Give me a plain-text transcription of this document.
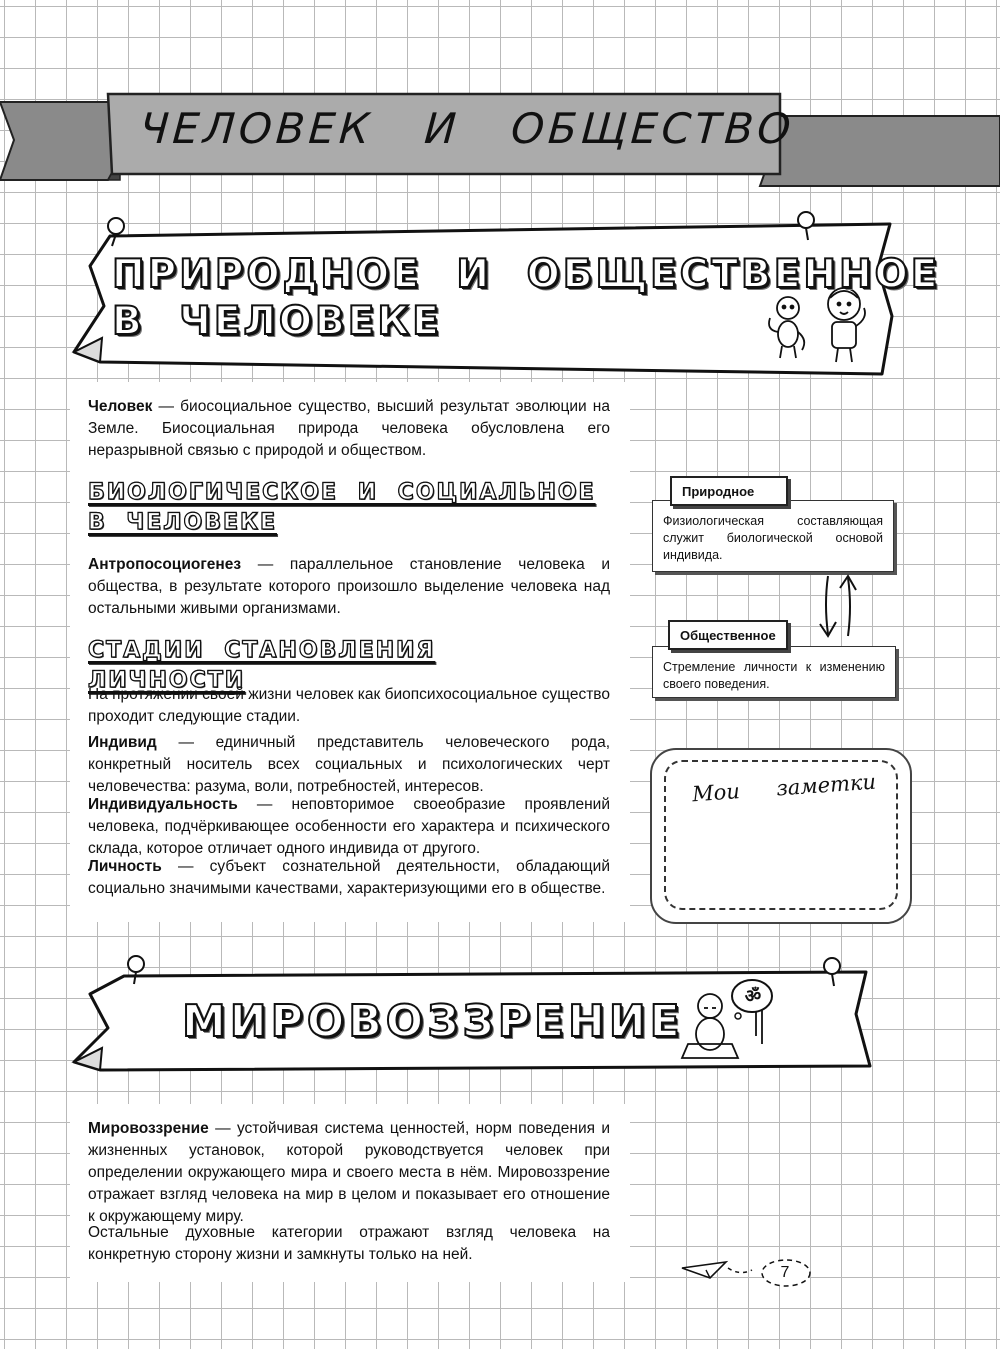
ЧЕЛОВЕК И ОБЩЕСТВО
ПРИРОДНОЕ И ОБЩЕСТВЕННОЕ
В ЧЕЛОВЕКЕ
Человек — биосоциальное существо, высший результат эволюции на Земле. Биосоциальная природа человека обусловлена его неразрывной связью с природой и обществом.
БИОЛОГИЧЕСКОЕ И СОЦИАЛЬНОЕ
В ЧЕЛОВЕКЕ
Антропосоциогенез — параллельное становление человека и общества, в результате которого произошло выделение человека над остальными живыми организмами.
СТАДИИ СТАНОВЛЕНИЯ ЛИЧНОСТИ
На протяжении своей жизни человек как биопсихосоциальное существо проходит следующие стадии.
Индивид — единичный представитель человеческого рода, конкретный носитель всех социальных и психологических черт человечества: разума, воли, потребностей, интересов.
Индивидуальность — неповторимое своеобразие проявлений человека, подчёркивающее особенности его характера и психического склада, которое отличает одного индивида от другого.
Личность — субъект сознательной деятельности, обладающий социально значимыми качествами, характеризующими его в обществе.
Физиологическая составляющая служит биологической основой индивида.
Природное
Стремление личности к изменению своего поведения.
Общественное
Мои заметки
ॐ
МИРОВОЗЗРЕНИЕ
Мировоззрение — устойчивая система ценностей, норм поведения и жизненных установок, которой руководствуется человек при определении окружающего мира и своего места в нём. Мировоззрение отражает взгляд человека на мир в целом и показывает его отношение к окружающему миру.
Остальные духовные категории отражают взгляд человека на конкретную сторону жизни и замкнуты только на ней.
7
